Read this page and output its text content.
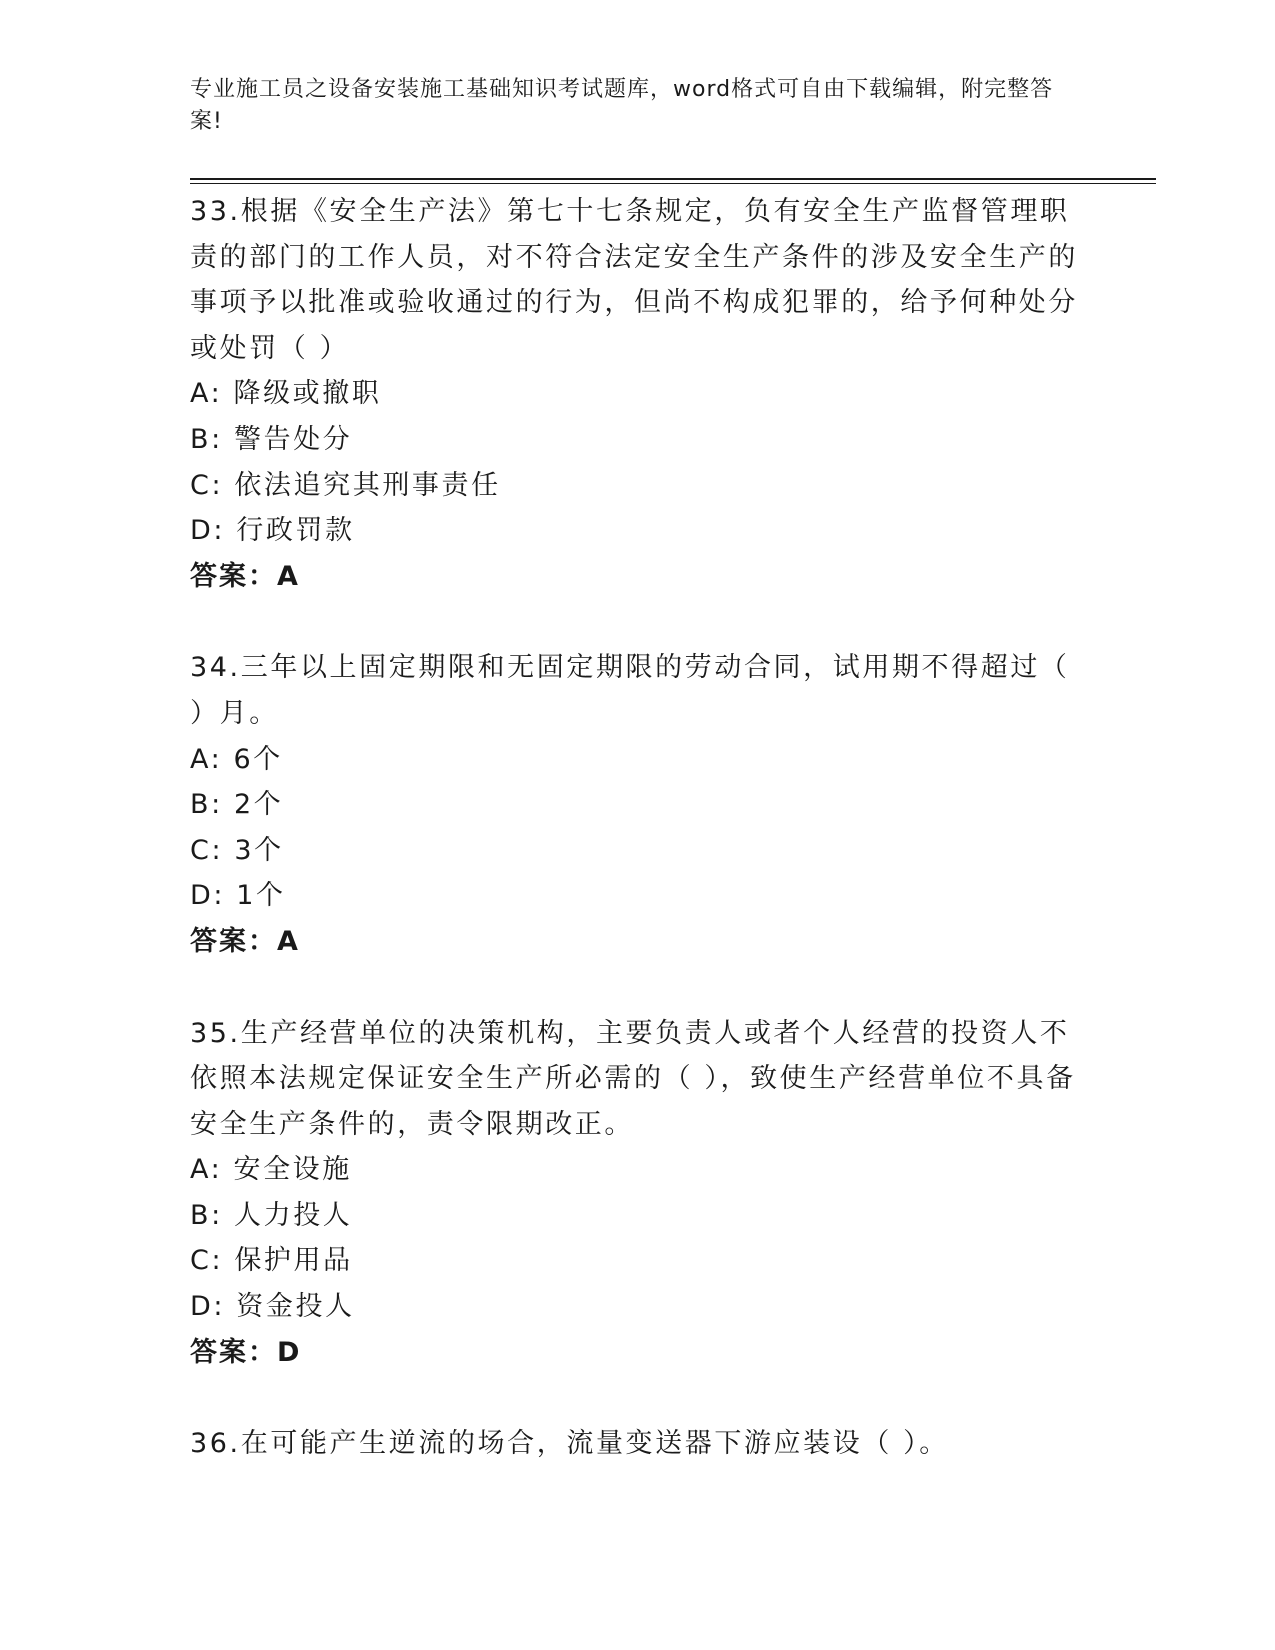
专业施工员之设备安装施工基础知识考试题库，word格式可自由下载编辑，附完整答案!

33.根据《安全生产法》第七十七条规定，负有安全生产监督管理职责的部门的工作人员，对不符合法定安全生产条件的涉及安全生产的事项予以批准或验收通过的行为，但尚不构成犯罪的，给予何种处分或处罚（ ）

A: 降级或撤职

B: 警告处分

C: 依法追究其刑事责任

D: 行政罚款

答案：A

34.三年以上固定期限和无固定期限的劳动合同，试用期不得超过（ ）月。

A: 6个

B: 2个

C: 3个

D: 1个

答案：A

35.生产经营单位的决策机构，主要负责人或者个人经营的投资人不依照本法规定保证安全生产所必需的（ ），致使生产经营单位不具备安全生产条件的，责令限期改正。

A: 安全设施

B: 人力投人

C: 保护用品

D: 资金投人

答案：D

36.在可能产生逆流的场合，流量变送器下游应装设（ ）。
